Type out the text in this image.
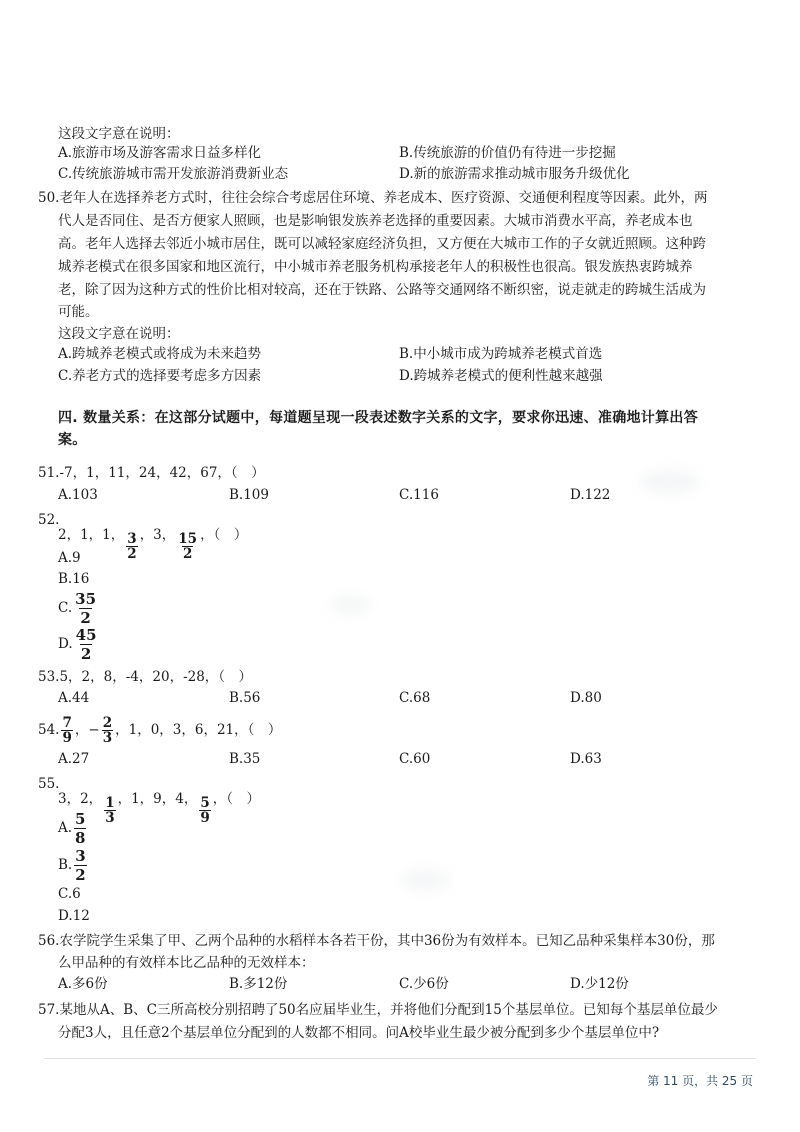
这段文字意在说明：
A.旅游市场及游客需求日益多样化	B.传统旅游的价值仍有待进一步挖掘
C.传统旅游城市需开发旅游消费新业态	D.新的旅游需求推动城市服务升级优化
50.老年人在选择养老方式时，往往会综合考虑居住环境、养老成本、医疗资源、交通便利程度等因素。此外，两
代人是否同住、是否方便家人照顾，也是影响银发族养老选择的重要因素。大城市消费水平高，养老成本也
高。老年人选择去邻近小城市居住，既可以减轻家庭经济负担，又方便在大城市工作的子女就近照顾。这种跨
城养老模式在很多国家和地区流行，中小城市养老服务机构承接老年人的积极性也很高。银发族热衷跨城养
老，除了因为这种方式的性价比相对较高，还在于铁路、公路等交通网络不断织密，说走就走的跨城生活成为
可能。
这段文字意在说明：
A.跨城养老模式或将成为未来趋势	B.中小城市成为跨城养老模式首选
C.养老方式的选择要考虑多方因素	D.跨城养老模式的便利性越来越强
四. 数量关系：在这部分试题中，每道题呈现一段表述数字关系的文字，要求你迅速、准确地计算出答
案。
51.-7，1，11，24，42，67，（　）
A.103	B.109	C.116	D.122
52.
2，1，1， $\frac{3}{2}$ ，3， $\frac{15}{2}$ ，（　）
A.9
B.16
C. $\frac{35}{2}$
D. $\frac{45}{2}$
53.5，2，8，-4，20，-28，（　）
A.44	B.56	C.68	D.80
54. $\frac{7}{9}$ ，− $\frac{2}{3}$ ，1，0，3，6，21，（　）
A.27	B.35	C.60	D.63
55.
3，2， $\frac{1}{3}$ ，1，9，4， $\frac{5}{9}$ ，（　）
A. $\frac{5}{8}$
B. $\frac{3}{2}$
C.6
D.12
56.农学院学生采集了甲、乙两个品种的水稻样本各若干份，其中36份为有效样本。已知乙品种采集样本30份，那
么甲品种的有效样本比乙品种的无效样本：
A.多6份	B.多12份	C.少6份	D.少12份
57.某地从A、B、C三所高校分别招聘了50名应届毕业生，并将他们分配到15个基层单位。已知每个基层单位最少
分配3人，且任意2个基层单位分配到的人数都不相同。问A校毕业生最少被分配到多少个基层单位中?
第 11 页，共 25 页
